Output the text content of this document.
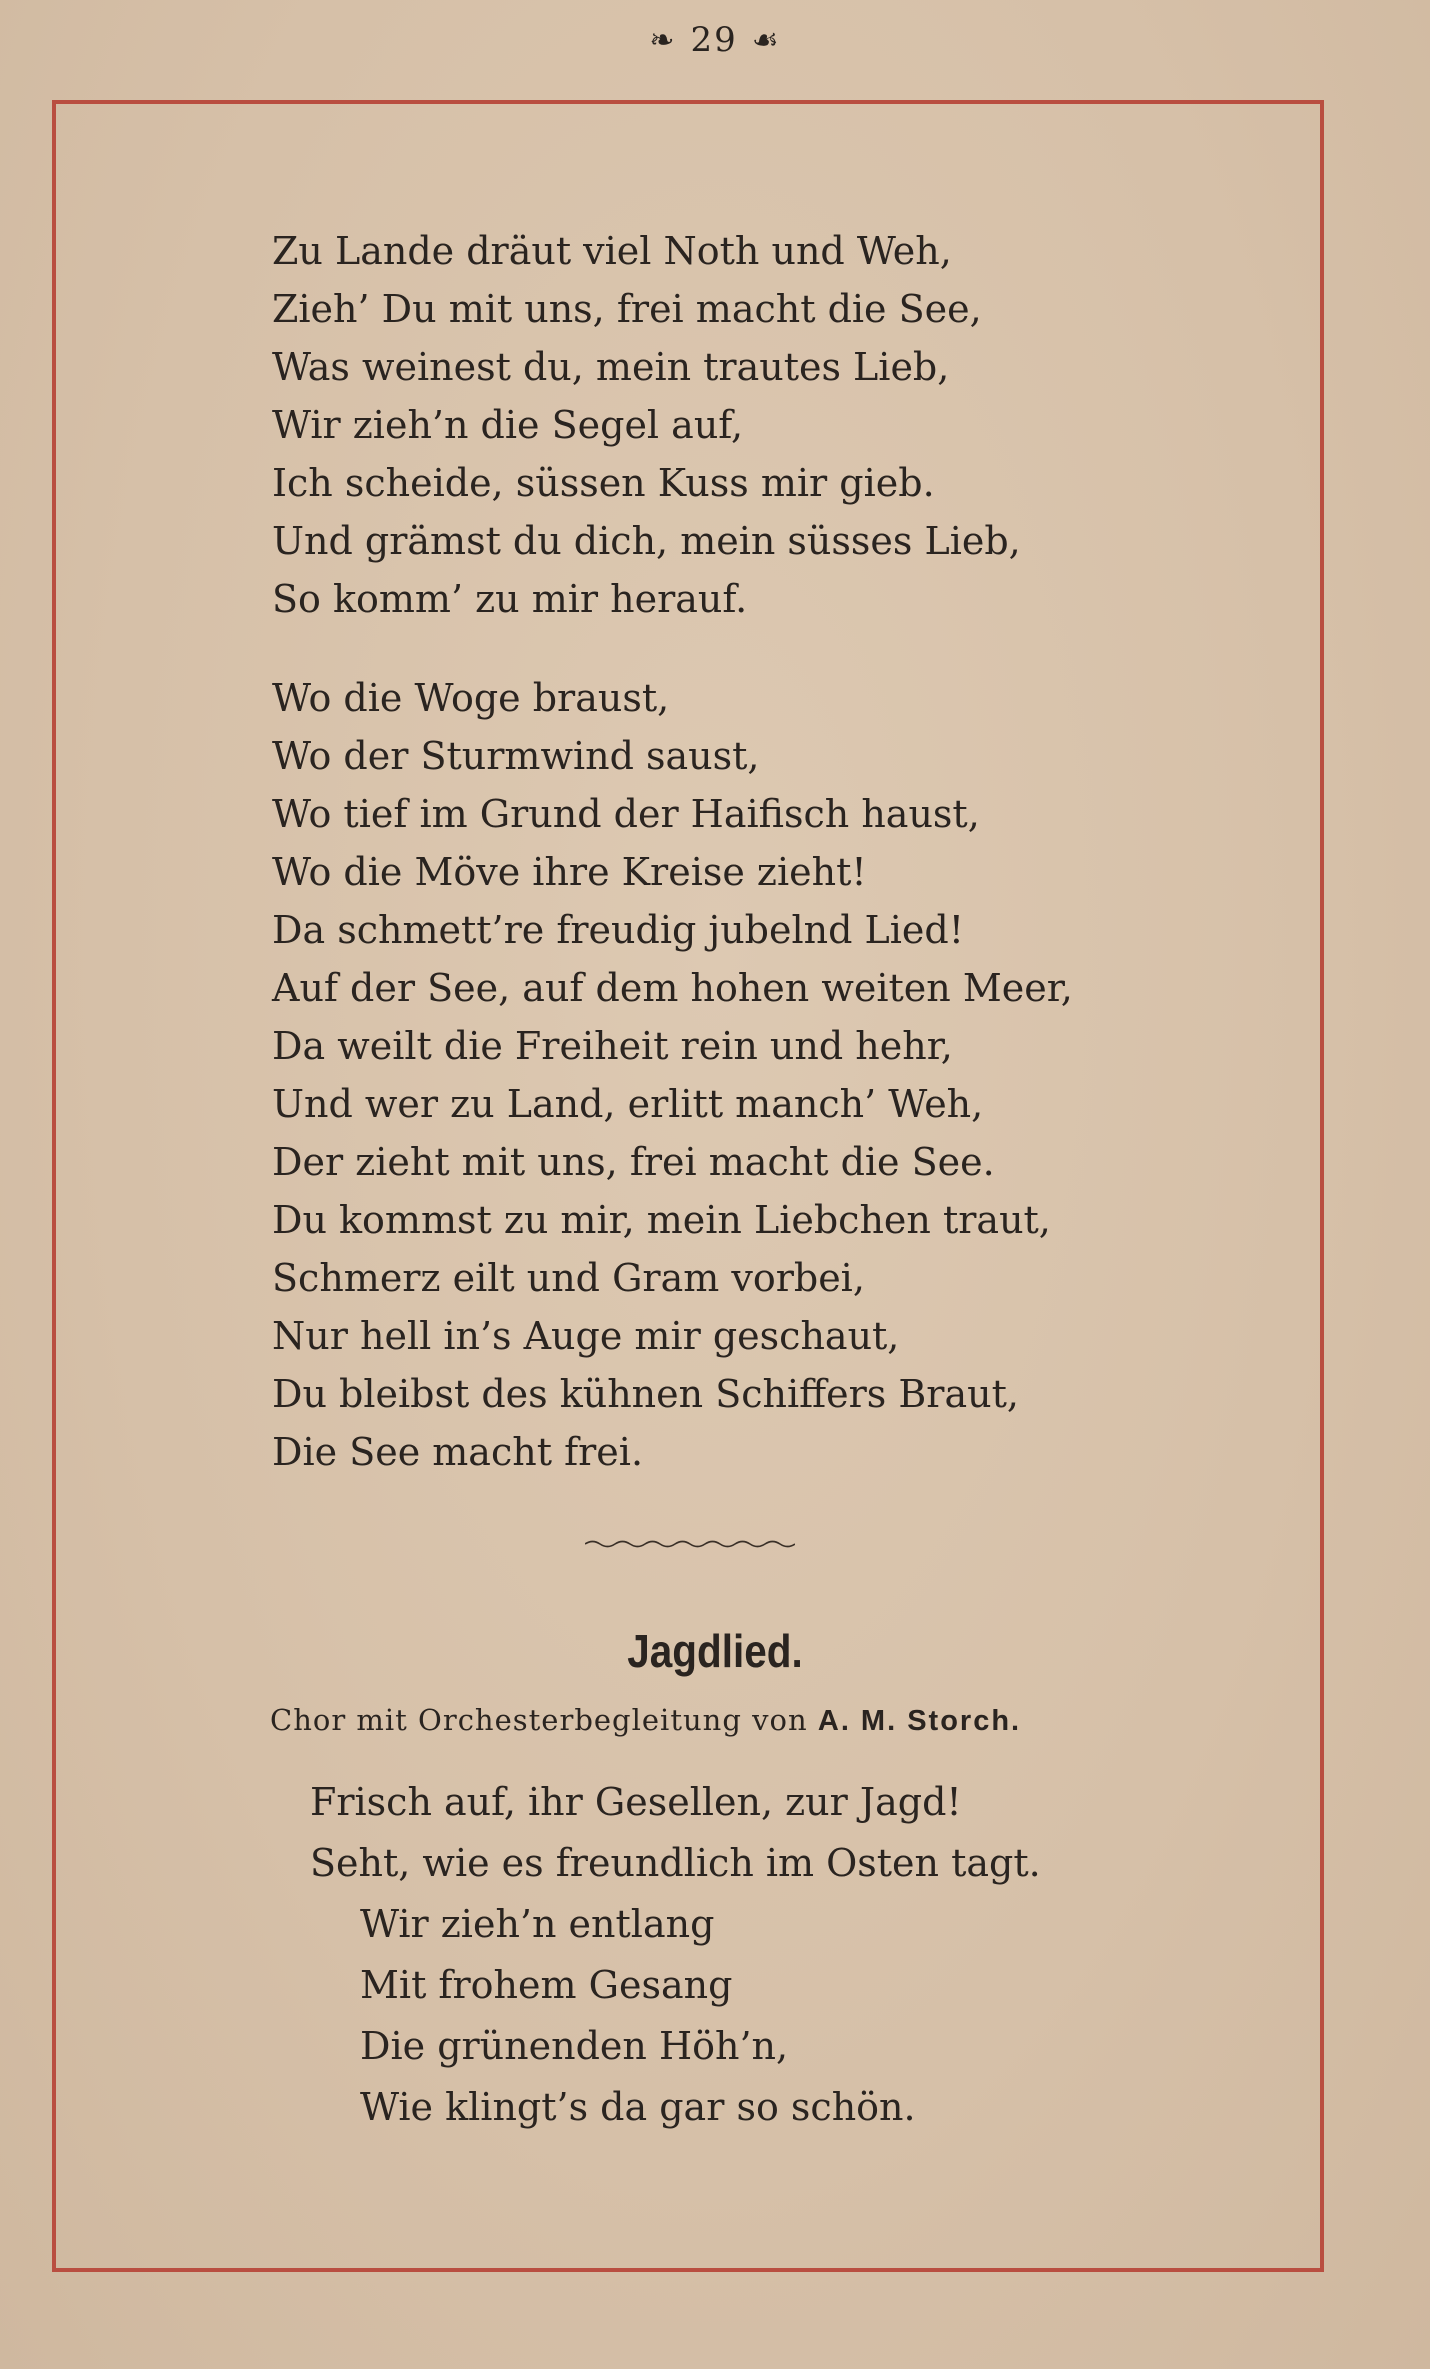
❧ 29 ☙
Zu Lande dräut viel Noth und Weh,
Zieh’ Du mit uns, frei macht die See,
Was weinest du, mein trautes Lieb,
Wir zieh’n die Segel auf,
Ich scheide, süssen Kuss mir gieb.
Und grämst du dich, mein süsses Lieb,
So komm’ zu mir herauf.
Wo die Woge braust,
Wo der Sturmwind saust,
Wo tief im Grund der Haifisch haust,
Wo die Möve ihre Kreise zieht!
Da schmett’re freudig jubelnd Lied!
Auf der See, auf dem hohen weiten Meer,
Da weilt die Freiheit rein und hehr,
Und wer zu Land, erlitt manch’ Weh,
Der zieht mit uns, frei macht die See.
Du kommst zu mir, mein Liebchen traut,
Schmerz eilt und Gram vorbei,
Nur hell in’s Auge mir geschaut,
Du bleibst des kühnen Schiffers Braut,
Die See macht frei.
Jagdlied.
Chor mit Orchesterbegleitung von A. M. Storch.
Frisch auf, ihr Gesellen, zur Jagd!
Seht, wie es freundlich im Osten tagt.
Wir zieh’n entlang
Mit frohem Gesang
Die grünenden Höh’n,
Wie klingt’s da gar so schön.
